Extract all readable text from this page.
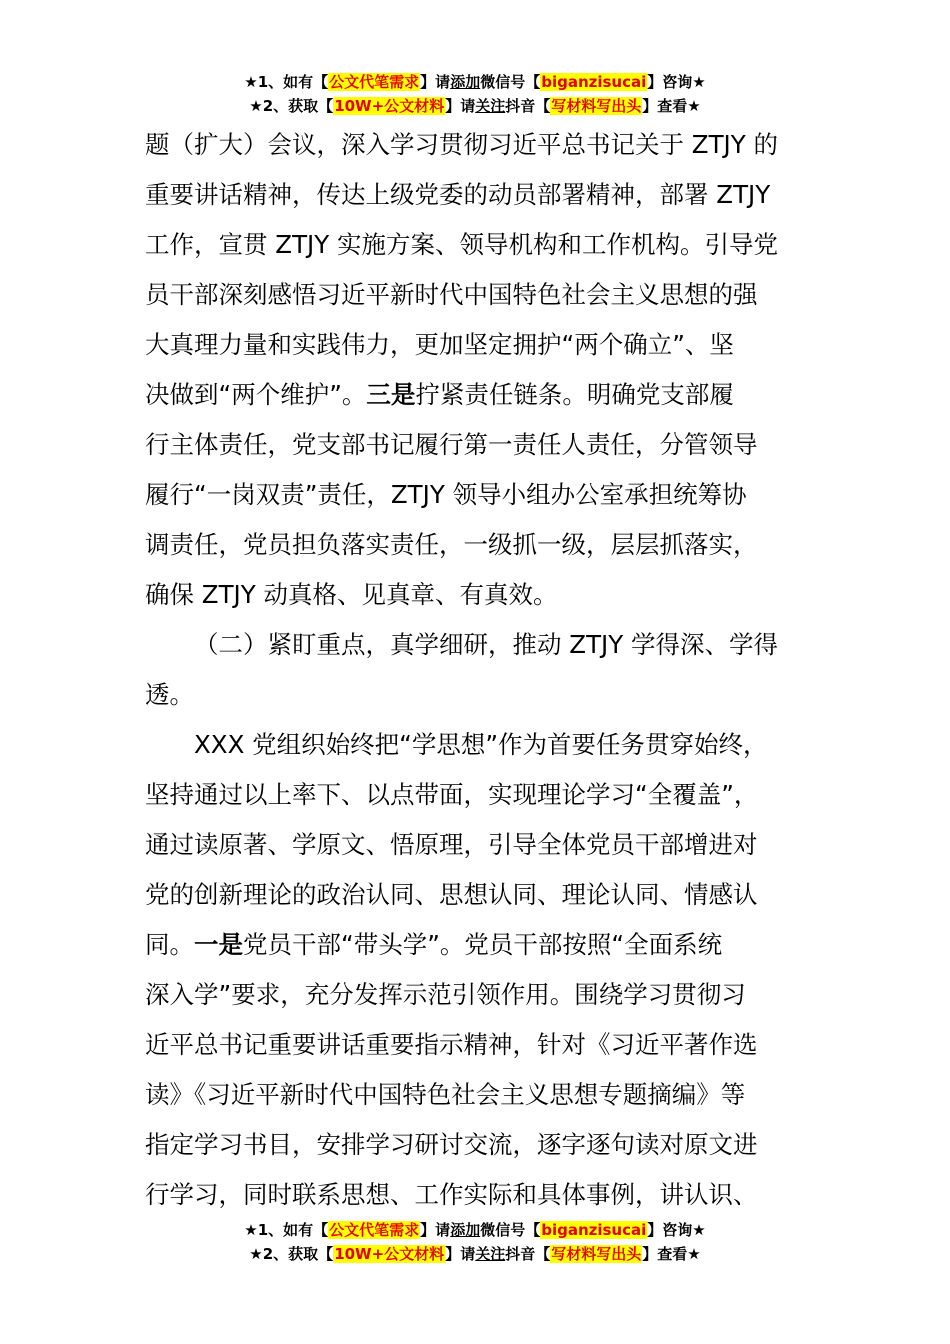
★1、如有【公文代笔需求】请添加微信号【biganzisucai】咨询★
★2、获取【10W+公文材料】请关注抖音【写材料写出头】查看★
题（扩大）会议，深入学习贯彻习近平总书记关于 ZTJY 的
重要讲话精神，传达上级党委的动员部署精神，部署 ZTJY
工作，宣贯 ZTJY 实施方案、领导机构和工作机构。引导党
员干部深刻感悟习近平新时代中国特色社会主义思想的强
大真理力量和实践伟力，更加坚定拥护“两个确立”、坚
决做到“两个维护”。三是拧紧责任链条。明确党支部履
行主体责任，党支部书记履行第一责任人责任，分管领导
履行“一岗双责”责任，ZTJY 领导小组办公室承担统筹协
调责任，党员担负落实责任，一级抓一级，层层抓落实，
确保 ZTJY 动真格、见真章、有真效。
（二）紧盯重点，真学细研，推动 ZTJY 学得深、学得
透。
XXX 党组织始终把“学思想”作为首要任务贯穿始终，
坚持通过以上率下、以点带面，实现理论学习“全覆盖”，
通过读原著、学原文、悟原理，引导全体党员干部增进对
党的创新理论的政治认同、思想认同、理论认同、情感认
同。一是党员干部“带头学”。党员干部按照“全面系统
深入学”要求，充分发挥示范引领作用。围绕学习贯彻习
近平总书记重要讲话重要指示精神，针对《习近平著作选
读》《习近平新时代中国特色社会主义思想专题摘编》等
指定学习书目，安排学习研讨交流，逐字逐句读对原文进
行学习，同时联系思想、工作实际和具体事例，讲认识、
★1、如有【公文代笔需求】请添加微信号【biganzisucai】咨询★
★2、获取【10W+公文材料】请关注抖音【写材料写出头】查看★
